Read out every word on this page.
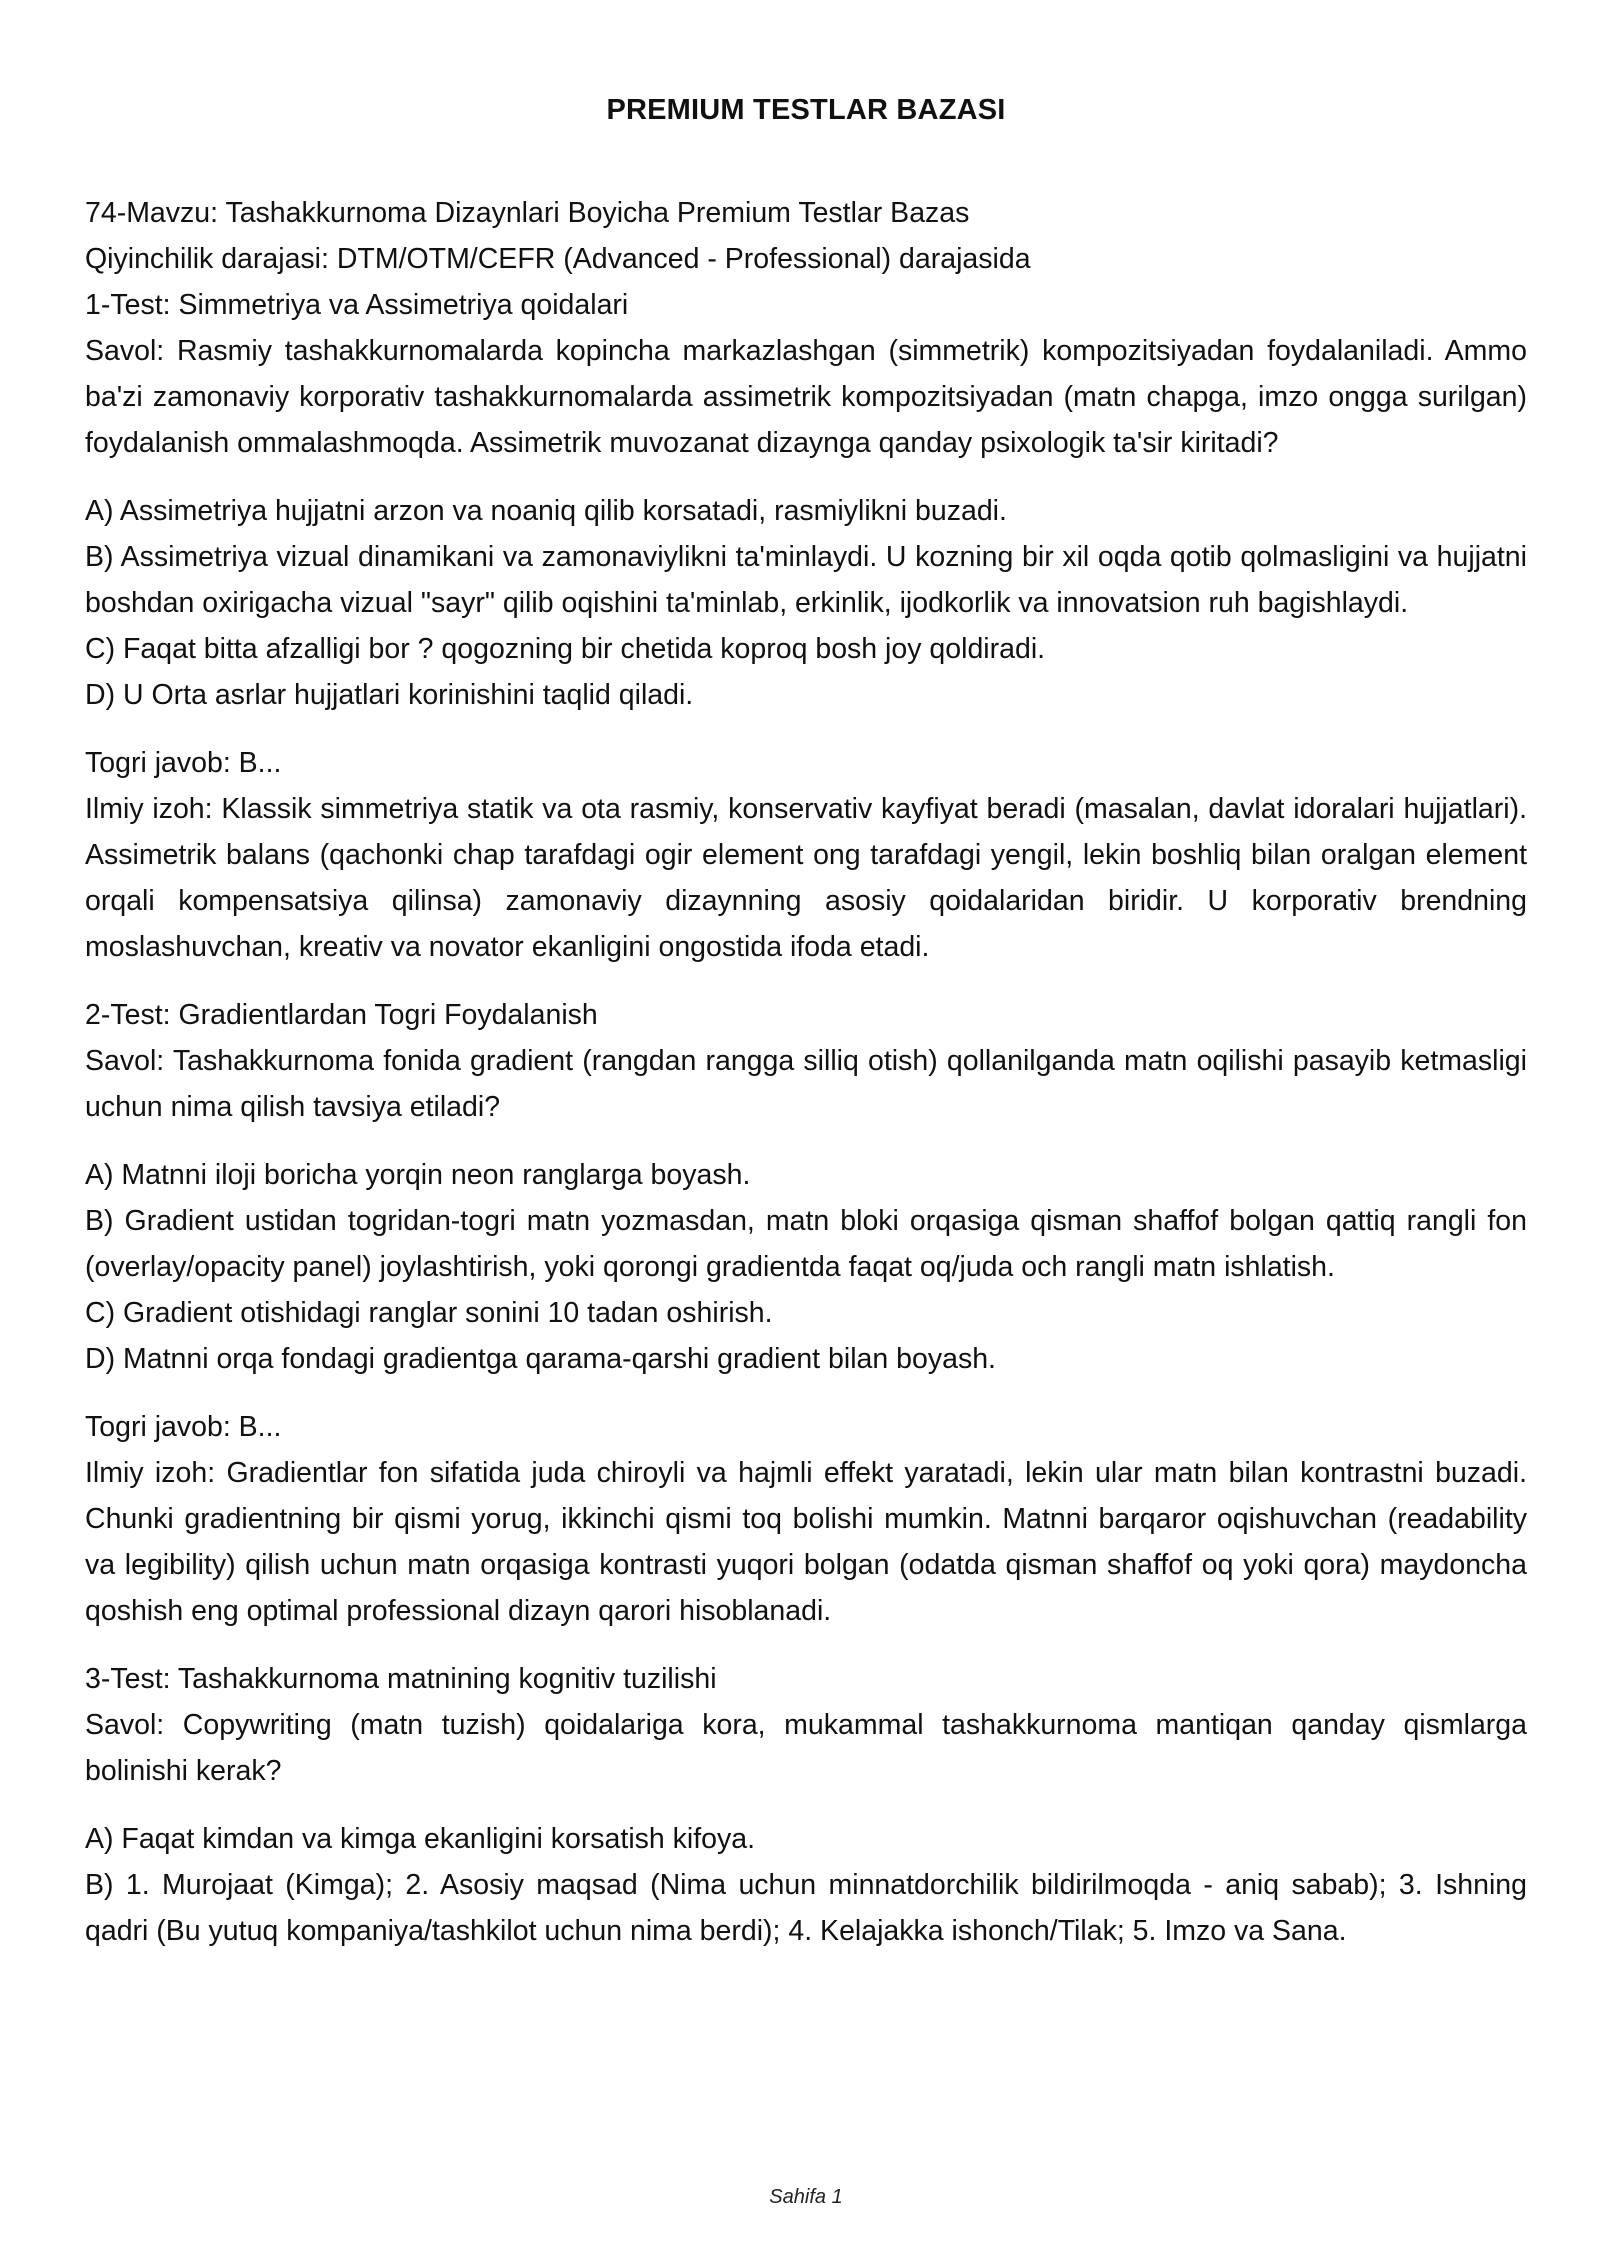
PREMIUM TESTLAR BAZASI

74-Mavzu: Tashakkurnoma Dizaynlari Boyicha Premium Testlar Bazas

Qiyinchilik darajasi: DTM/OTM/CEFR (Advanced - Professional) darajasida

1-Test: Simmetriya va Assimetriya qoidalari

Savol: Rasmiy tashakkurnomalarda kopincha markazlashgan (simmetrik) kompozitsiyadan foydalaniladi. Ammo ba'zi zamonaviy korporativ tashakkurnomalarda assimetrik kompozitsiyadan (matn chapga, imzo ongga surilgan) foydalanish ommalashmoqda. Assimetrik muvozanat dizaynga qanday psixologik ta'sir kiritadi?

A) Assimetriya hujjatni arzon va noaniq qilib korsatadi, rasmiylikni buzadi.

B) Assimetriya vizual dinamikani va zamonaviylikni ta'minlaydi. U kozning bir xil oqda qotib qolmasligini va hujjatni boshdan oxirigacha vizual "sayr" qilib oqishini ta'minlab, erkinlik, ijodkorlik va innovatsion ruh bagishlaydi.

C) Faqat bitta afzalligi bor ? qogozning bir chetida koproq bosh joy qoldiradi.

D) U Orta asrlar hujjatlari korinishini taqlid qiladi.

Togri javob: B...

Ilmiy izoh: Klassik simmetriya statik va ota rasmiy, konservativ kayfiyat beradi (masalan, davlat idoralari hujjatlari). Assimetrik balans (qachonki chap tarafdagi ogir element ong tarafdagi yengil, lekin boshliq bilan oralgan element orqali kompensatsiya qilinsa) zamonaviy dizaynning asosiy qoidalaridan biridir. U korporativ brendning moslashuvchan, kreativ va novator ekanligini ongostida ifoda etadi.

2-Test: Gradientlardan Togri Foydalanish

Savol: Tashakkurnoma fonida gradient (rangdan rangga silliq otish) qollanilganda matn oqilishi pasayib ketmasligi uchun nima qilish tavsiya etiladi?

A) Matnni iloji boricha yorqin neon ranglarga boyash.

B) Gradient ustidan togridan-togri matn yozmasdan, matn bloki orqasiga qisman shaffof bolgan qattiq rangli fon (overlay/opacity panel) joylashtirish, yoki qorongi gradientda faqat oq/juda och rangli matn ishlatish.

C) Gradient otishidagi ranglar sonini 10 tadan oshirish.

D) Matnni orqa fondagi gradientga qarama-qarshi gradient bilan boyash.

Togri javob: B...

Ilmiy izoh: Gradientlar fon sifatida juda chiroyli va hajmli effekt yaratadi, lekin ular matn bilan kontrastni buzadi. Chunki gradientning bir qismi yorug, ikkinchi qismi toq bolishi mumkin. Matnni barqaror oqishuvchan (readability va legibility) qilish uchun matn orqasiga kontrasti yuqori bolgan (odatda qisman shaffof oq yoki qora) maydoncha qoshish eng optimal professional dizayn qarori hisoblanadi.

3-Test: Tashakkurnoma matnining kognitiv tuzilishi

Savol: Copywriting (matn tuzish) qoidalariga kora, mukammal tashakkurnoma mantiqan qanday qismlarga bolinishi kerak?

A) Faqat kimdan va kimga ekanligini korsatish kifoya.

B) 1. Murojaat (Kimga); 2. Asosiy maqsad (Nima uchun minnatdorchilik bildirilmoqda - aniq sabab); 3. Ishning qadri (Bu yutuq kompaniya/tashkilot uchun nima berdi); 4. Kelajakka ishonch/Tilak; 5. Imzo va Sana.

Sahifa 1
